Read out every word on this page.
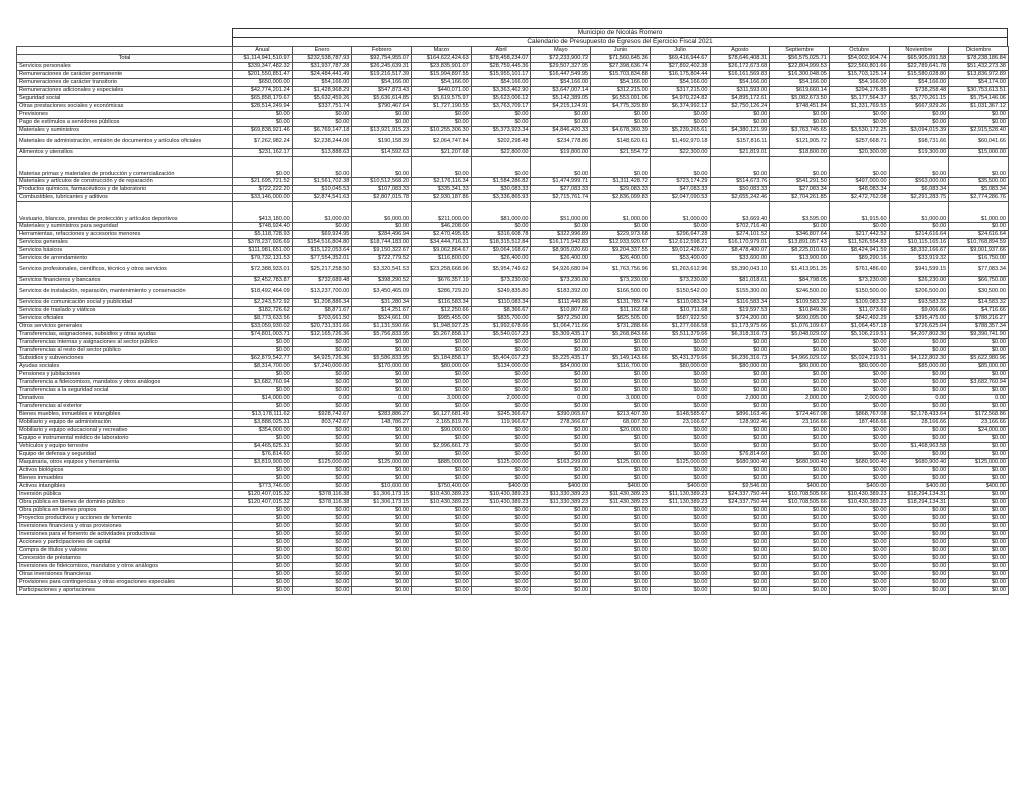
Municipio de Nicolás Romero
Calendario de Presupuesto de Egresos del Ejercicio Fiscal 2021
	Anual	Enero	Febrero	Marzo	Abril	Mayo	Junio	Julio	Agosto	Septiembre	Octubre	Noviembre	Diciembre
Total	$1,114,941,510.97	$232,538,787.93	$92,754,955.07	$164,622,424.63	$78,458,234.07	$72,233,900.72	$71,560,645.36	$69,416,944.67	$78,646,408.31	$56,575,025.71	$54,002,904.74	$65,905,091.58	$78,238,186.84
Servicios personales	$339,347,482.32	$31,937,787.28	$26,245,639.31	$23,835,901.07	$28,759,445.36	$29,507,327.95	$27,398,636.74	$27,892,402.38	$26,172,673.68	$22,804,999.53	$22,560,801.66	$22,789,641.78	$51,432,273.38
Remuneraciones de carácter permanente	$201,550,851.47	$24,484,441.49	$19,216,517.39	$15,994,897.55	$15,955,101.17	$16,447,549.95	$15,703,834.88	$16,175,804.44	$16,161,569.83	$16,300,048.05	$15,703,125.14	$15,580,028.80	$13,836,972.89
Remuneraciones de carácter transitorio	$650,000.00	$54,166.00	$54,166.00	$54,166.00	$54,166.00	$54,166.00	$54,166.00	$54,166.00	$54,166.00	$54,166.00	$54,166.00	$54,166.00	$54,174.00
Remuneraciones adicionales y especiales	$42,774,201.24	$1,428,968.29	$547,873.43	$440,071.00	$3,363,462.90	$3,647,007.14	$312,215.00	$317,215.00	$311,593.00	$619,660.14	$294,176.85	$738,258.48	$30,753,613.51
Seguridad social	$65,858,179.67	$5,632,459.26	$5,636,614.85	$5,619,575.97	$5,623,006.12	$5,142,389.05	$6,553,091.06	$4,970,224.82	$4,895,172.61	$5,082,673.50	$5,177,564.37	$5,770,261.15	$5,754,146.06
Otras prestaciones sociales y económicas	$28,514,249.94	$337,751.74	$790,467.64	$1,727,190.55	$3,763,709.17	$4,215,124.91	$4,775,329.80	$6,374,992.12	$2,750,126.24	$748,451.84	$1,331,769.55	$667,929.26	$1,031,367.12
Previsiones	$0.00	$0.00	$0.00	$0.00	$0.00	$0.00	$0.00	$0.00	$0.00	$0.00	$0.00	$0.00	$0.00
Pago de estímulos a servidores públicos	$0.00	$0.00	$0.00	$0.00	$0.00	$0.00	$0.00	$0.00	$0.00	$0.00	$0.00	$0.00	$0.00
Materiales y suministros	$69,838,921.46	$6,769,147.18	$13,921,915.23	$10,255,306.30	$5,373,923.34	$4,846,420.33	$4,678,360.39	$5,239,265.61	$4,380,121.99	$3,763,745.65	$3,530,172.25	$3,094,015.39	$2,915,528.40
Materiales de administración, emisión de documentos y artículos oficiales	$7,262,982.24	$2,238,244.06	$190,158.39	$2,064,747.84	$202,298.48	$234,778.86	$148,620.61	$1,492,970.18	$157,816.11	$121,905.72	$257,668.71	$98,731.66	$60,041.66
Alimentos y utensilios	$231,162.17	$13,888.63	$14,592.63	$21,207.68	$22,800.00	$19,800.00	$21,554.72	$22,300.00	$21,819.01	$18,800.00	$20,300.00	$19,300.00	$15,000.00
Materias primas y materiales de producción y comercialización	$0.00	$0.00	$0.00	$0.00	$0.00	$0.00	$0.00	$0.00	$0.00	$0.00	$0.00	$0.00	$0.00
Materiales y artículos de construcción y de reparación	$21,695,721.52	$1,561,702.38	$10,512,568.20	$2,176,116.34	$1,584,286.82	$1,474,999.71	$1,311,428.72	$723,174.29	$514,673.76	$541,291.50	$497,000.00	$563,000.00	$35,500.00
Productos químicos, farmacéuticos y de laboratorio	$722,222.20	$10,045.53	$107,083.33	$335,341.33	$30,083.33	$27,083.33	$29,083.33	$47,083.33	$50,083.33	$27,083.34	$48,083.34	$6,083.34	$5,083.34
Combustibles, lubricantes y aditivos	$33,146,000.00	$2,874,541.63	$2,807,015.78	$2,930,187.86	$3,336,865.93	$2,715,761.74	$2,836,099.83	$2,047,090.53	$2,655,242.46	$2,704,261.85	$2,472,762.08	$2,291,283.75	$2,774,286.76
Vestuario, blancos, prendas de protección y artículos deportivos	$413,180.00	$1,000.00	$6,000.00	$211,000.00	$81,000.00	$51,000.00	$1,000.00	$1,000.00	$3,669.40	$3,595.00	$1,915.60	$1,000.00	$1,000.00
Materiales y suministros para seguridad	$748,924.40	$0.00	$0.00	$46,208.00	$0.00	$0.00	$0.00	$0.00	$702,716.40	$0.00	$0.00	$0.00	$0.00
Herramientas, refacciones y accesorios menores	$5,118,728.93	$69,924.95	$284,496.94	$2,470,495.65	$316,608.78	$322,996.89	$229,973.68	$296,647.28	$274,101.52	$346,807.64	$217,442.52	$214,616.64	$24,616.64
Servicios generales	$378,237,926.69	$154,516,804.80	$18,744,183.00	$34,444,716.31	$18,315,512.84	$16,171,942.83	$12,933,920.67	$12,612,598.21	$16,170,979.01	$13,891,057.43	$11,526,554.83	$10,115,165.16	$10,768,894.59
Servicios básicos	$111,981,651.00	$15,122,053.64	$9,150,322.67	$9,062,864.67	$9,064,168.67	$8,905,020.60	$9,204,337.55	$9,012,426.07	$8,478,400.07	$8,225,010.60	$8,424,941.59	$8,332,166.67	$9,001,937.66
Servicios de arrendamiento	$79,732,131.53	$77,554,352.01	$722,779.52	$116,800.00	$26,400.00	$26,400.00	$26,400.00	$53,400.00	$33,600.00	$13,900.00	$89,290.16	$33,919.32	$16,750.00
Servicios profesionales, científicos, técnico y otros servicios	$72,388,933.01	$25,217,258.50	$3,320,541.53	$23,258,668.96	$5,954,749.62	$4,926,680.94	$1,763,756.96	$1,263,612.96	$5,390,043.10	$1,413,951.35	$761,486.60	$941,599.15	$77,083.34
Servicios financieros y bancarios	$2,452,783.87	$732,689.48	$398,290.52	$676,357.19	$73,230.00	$73,230.00	$73,230.00	$73,230.00	$81,018.61	$84,798.05	$73,230.00	$26,230.00	$66,750.00
Servicios de instalación, reparación, mantenimiento y conservación	$18,492,464.09	$13,237,700.00	$3,450,465.09	$286,729.20	$249,835.80	$183,392.00	$166,500.00	$150,542.00	$155,300.00	$246,500.00	$150,500.00	$206,500.00	$30,500.00
Servicios de comunicación social y publicidad	$2,243,572.92	$1,208,886.34	$31,280.34	$116,583.34	$110,083.34	$111,449.86	$131,789.74	$110,083.34	$116,583.34	$109,583.32	$109,083.32	$93,583.32	$14,583.32
Servicios de traslado y viáticos	$182,726.62	$8,871.67	$14,251.67	$12,250.66	$8,366.67	$10,807.69	$11,162.68	$10,711.68	$19,597.53	$10,849.36	$11,073.69	$9,066.66	$4,716.66
Servicios oficiales	$8,773,633.56	$703,661.50	$524,661.00	$985,455.00	$835,700.00	$872,250.00	$825,505.00	$587,922.50	$724,200.00	$690,095.00	$842,492.29	$395,475.00	$788,216.27
Otros servicios generales	$33,059,930.02	$20,731,331.66	$1,131,590.66	$1,948,927.25	$1,992,678.66	$1,064,711.66	$731,288.66	$1,277,666.58	$1,173,975.66	$1,076,109.67	$1,064,457.18	$726,625.04	$788,357.34
Transferencias, asignaciones, subsidios y otras ayudas	$74,801,003.71	$12,165,726.36	$5,756,833.95	$5,267,858.17	$5,540,017.23	$5,309,435.17	$5,268,843.66	$5,511,379.66	$6,318,316.73	$5,048,029.02	$5,106,219.51	$4,207,802.30	$9,390,741.90
Transferencias internas y asignaciones al sector público	$0.00	$0.00	$0.00	$0.00	$0.00	$0.00	$0.00	$0.00	$0.00	$0.00	$0.00	$0.00	$0.00
Transferencias al resto del sector público	$0.00	$0.00	$0.00	$0.00	$0.00	$0.00	$0.00	$0.00	$0.00	$0.00	$0.00	$0.00	$0.00
Subsidios y subvenciones	$62,879,542.77	$4,925,726.36	$5,586,833.95	$5,184,858.17	$5,404,017.23	$5,225,435.17	$5,149,143.66	$5,431,379.66	$6,236,316.73	$4,966,029.02	$5,024,219.51	$4,122,802.30	$5,622,980.96
Ayudas sociales	$8,314,700.00	$7,240,000.00	$170,000.00	$80,000.00	$134,000.00	$84,000.00	$116,700.00	$80,000.00	$80,000.00	$80,000.00	$80,000.00	$85,000.00	$85,000.00
Pensiones y jubilaciones	$0.00	$0.00	$0.00	$0.00	$0.00	$0.00	$0.00	$0.00	$0.00	$0.00	$0.00	$0.00	$0.00
Transferencia a fideicomisos, mandatos y otros análogos	$3,682,760.94	$0.00	$0.00	$0.00	$0.00	$0.00	$0.00	$0.00	$0.00	$0.00	$0.00	$0.00	$3,682,760.94
Transferencias a la seguridad social	$0.00	$0.00	$0.00	$0.00	$0.00	$0.00	$0.00	$0.00	$0.00	$0.00	$0.00	$0.00	$0.00
Donativos	$14,000.00	0.00	0.00	3,000.00	2,000.00	0.00	3,000.00	0.00	2,000.00	2,000.00	2,000.00	0.00	0.00
Transferencias al exterior	$0.00	$0.00	$0.00	$0.00	$0.00	$0.00	$0.00	$0.00	$0.00	$0.00	$0.00	$0.00	$0.00
Bienes muebles, inmuebles e intangibles	$13,178,111.62	$928,742.67	$283,886.27	$6,127,681.49	$245,366.67	$390,065.67	$213,407.30	$148,585.67	$896,163.46	$724,467.08	$868,767.08	$2,178,433.64	$172,568.86
Mobiliario y equipo de administración	$3,888,025.31	803,742.67	148,786.27	2,165,819.76	119,966.67	278,366.67	68,007.30	23,166.67	128,902.46	23,166.66	187,466.66	28,166.66	23,166.66
Mobiliario y equipo educacional y recreativo	$354,000.00	$0.00	$0.00	$90,000.00	$0.00	$0.00	$20,000.00	$0.00	$0.00	$0.00	$0.00	$0.00	$24,000.00
Equipo e instrumental médico de laboratorio	$0.00	$0.00	$0.00	$0.00	$0.00	$0.00	$0.00	$0.00	$0.00	$0.00	$0.00	$0.00	$0.00
Vehículos y equipo terrestre	$4,465,625.31	$0.00	$0.00	$2,996,661.73	$0.00	$0.00	$0.00	$0.00	$0.00	$0.00	$0.00	$1,468,963.58	$0.00
Equipo de defensa y seguridad	$76,814.60	$0.00	$0.00	$0.00	$0.00	$0.00	$0.00	$0.00	$76,814.60	$0.00	$0.00	$0.00	$0.00
Maquinaria, otros equipos y herramienta	$3,819,900.00	$125,000.00	$125,000.00	$885,000.00	$125,000.00	$163,299.00	$125,000.00	$125,000.00	$680,900.40	$680,900.40	$680,900.40	$680,900.40	$125,000.00
Activos biológicos	$0.00	$0.00	$0.00	$0.00	$0.00	$0.00	$0.00	$0.00	$0.00	$0.00	$0.00	$0.00	$0.00
Bienes inmuebles	$0.00	$0.00	$0.00	$0.00	$0.00	$0.00	$0.00	$0.00	$0.00	$0.00	$0.00	$0.00	$0.00
Activos intangibles	$773,746.00	$0.00	$10,600.00	$750,400.00	$400.00	$400.00	$400.00	$400.00	$9,546.00	$400.00	$400.00	$400.00	$400.00
Inversión pública	$120,407,015.32	$378,116.38	$1,306,173.15	$10,430,389.23	$10,430,389.23	$11,330,389.23	$11,430,389.23	$11,130,389.23	$24,337,750.44	$10,708,505.66	$10,430,389.23	$18,294,134.31	$0.00
Obra pública en bienes de dominio público	$120,407,015.32	$378,116.38	$1,306,173.15	$10,430,389.23	$10,430,389.23	$11,330,389.23	$11,430,389.23	$11,130,389.23	$24,337,750.44	$10,708,505.66	$10,430,389.23	$18,294,134.31	$0.00
Obra pública en bienes propios	$0.00	$0.00	$0.00	$0.00	$0.00	$0.00	$0.00	$0.00	$0.00	$0.00	$0.00	$0.00	$0.00
Proyectos productivos y acciones de fomento	$0.00	$0.00	$0.00	$0.00	$0.00	$0.00	$0.00	$0.00	$0.00	$0.00	$0.00	$0.00	$0.00
Inversiones financiera y otras provisiones	$0.00	$0.00	$0.00	$0.00	$0.00	$0.00	$0.00	$0.00	$0.00	$0.00	$0.00	$0.00	$0.00
Inversiones para el fomento de actividades productivas	$0.00	$0.00	$0.00	$0.00	$0.00	$0.00	$0.00	$0.00	$0.00	$0.00	$0.00	$0.00	$0.00
Acciones y participaciones de capital	$0.00	$0.00	$0.00	$0.00	$0.00	$0.00	$0.00	$0.00	$0.00	$0.00	$0.00	$0.00	$0.00
Compra de títulos y valores	$0.00	$0.00	$0.00	$0.00	$0.00	$0.00	$0.00	$0.00	$0.00	$0.00	$0.00	$0.00	$0.00
Concesión de préstamos	$0.00	$0.00	$0.00	$0.00	$0.00	$0.00	$0.00	$0.00	$0.00	$0.00	$0.00	$0.00	$0.00
Inversiones de fideicomisos, mandatos y otros análogos	$0.00	$0.00	$0.00	$0.00	$0.00	$0.00	$0.00	$0.00	$0.00	$0.00	$0.00	$0.00	$0.00
Otras inversiones financieras	$0.00	$0.00	$0.00	$0.00	$0.00	$0.00	$0.00	$0.00	$0.00	$0.00	$0.00	$0.00	$0.00
Provisiones para contingencias y otras erogaciones especiales	$0.00	$0.00	$0.00	$0.00	$0.00	$0.00	$0.00	$0.00	$0.00	$0.00	$0.00	$0.00	$0.00
Participaciones y aportaciones	$0.00	$0.00	$0.00	$0.00	$0.00	$0.00	$0.00	$0.00	$0.00	$0.00	$0.00	$0.00	$0.00
